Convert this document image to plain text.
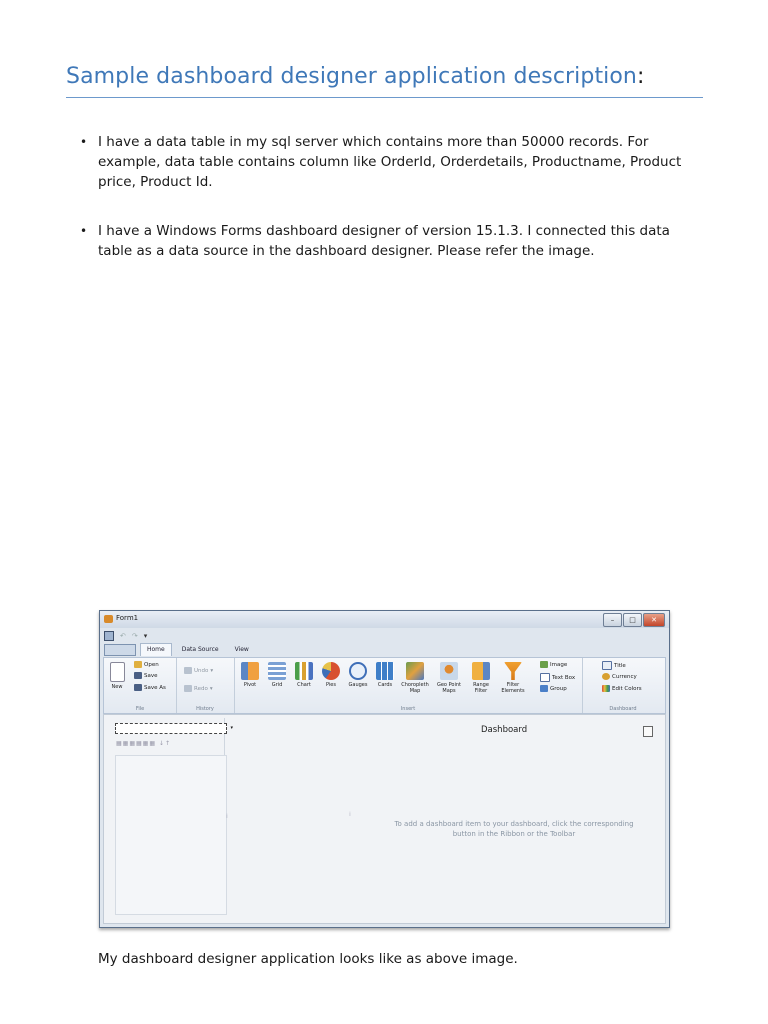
Sample dashboard designer application description:
• I have a data table in my sql server which contains more than 50000 records. For example, data table contains column like OrderId, Orderdetails, Productname, Product price, Product Id.
• I have a Windows Forms dashboard designer of version 15.1.3. I connected this data table as a data source in the dashboard designer. Please refer the image.
Form1	–	□	✕
↶ ↷ ▾
Home	Data Source	View
New
Open
Save
Save As
File
Undo ▾
Redo ▾
History
Pivot	Grid	Chart	Pies	Gauges	Cards	Choropleth Map
Geo Point Maps
Range Filter
Filter Elements
Image
Text Box
Group
Insert
Title
Currency
Edit Colors
Dashboard
▾
▦▦▦▦▦▦ ↓↑
⁞	⁞
Dashboard
To add a dashboard item to your dashboard, click the corresponding
button in the Ribbon or the Toolbar
My dashboard designer application looks like as above image.
